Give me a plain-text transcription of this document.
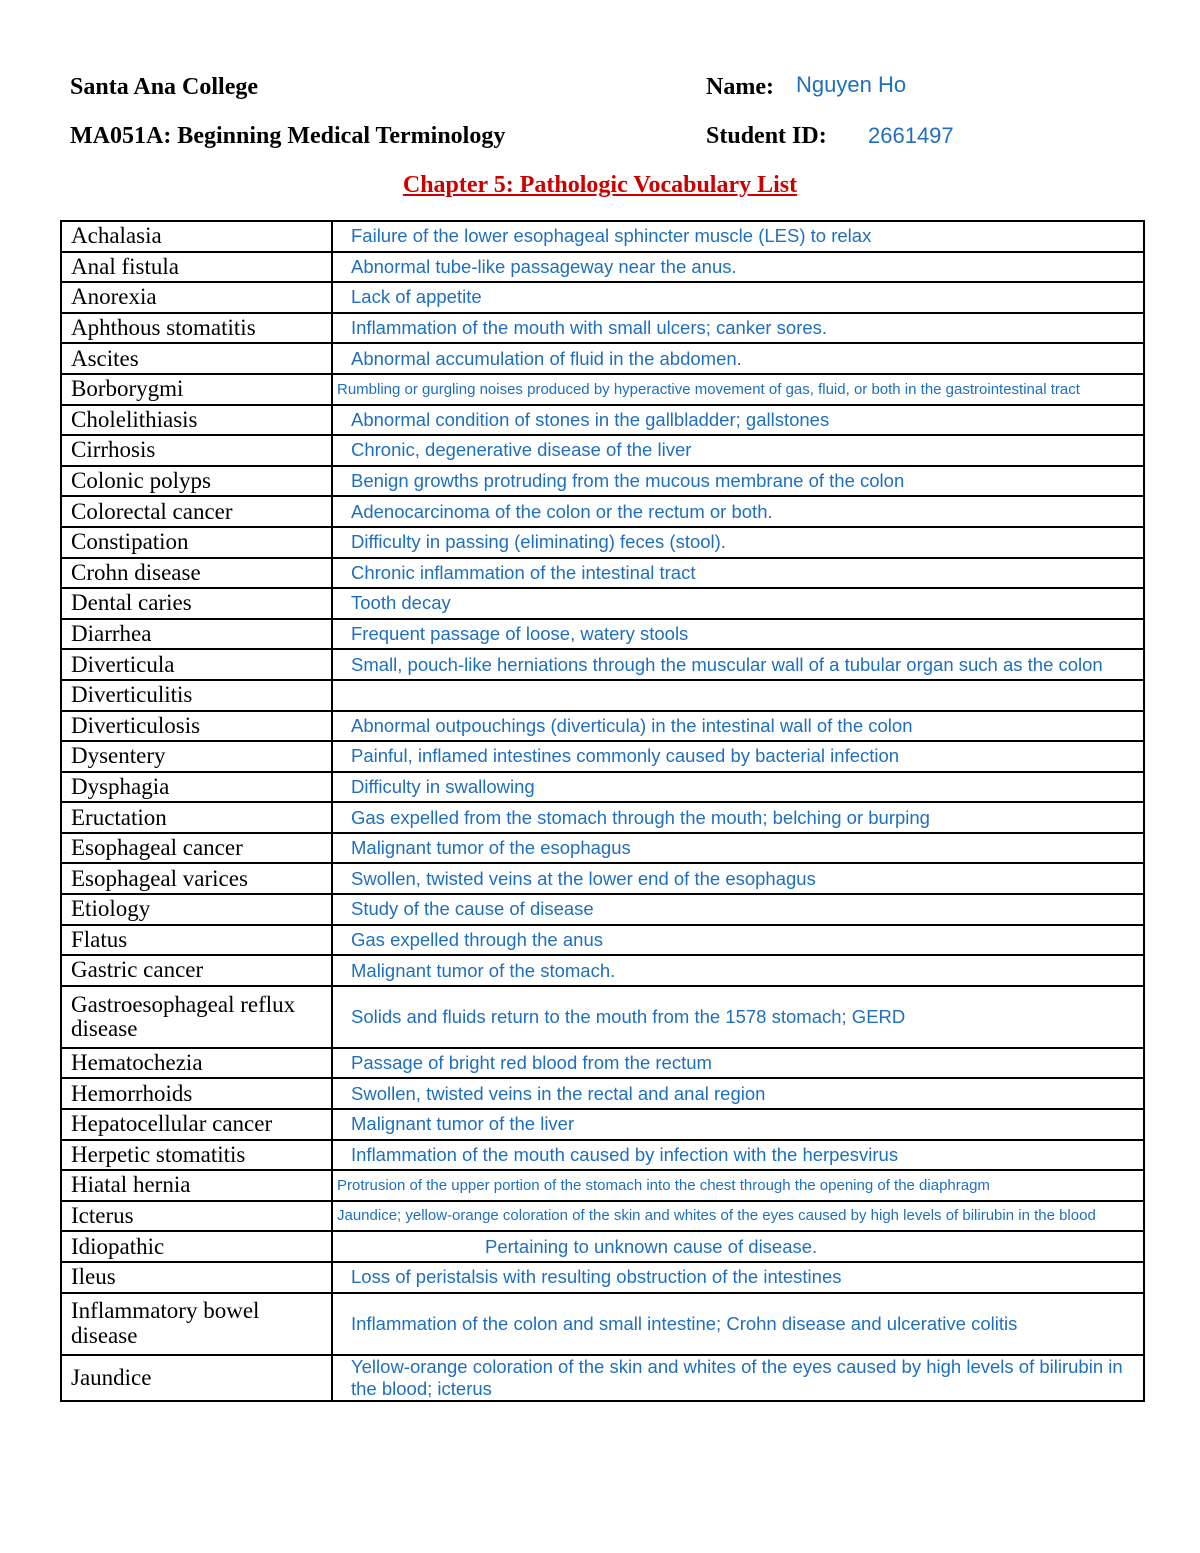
Santa Ana College	Name: Nguyen Ho
MA051A: Beginning Medical Terminology	Student ID: 2661497
Chapter 5: Pathologic Vocabulary List
Achalasia	Failure of the lower esophageal sphincter muscle (LES) to relax
Anal fistula	Abnormal tube-like passageway near the anus.
Anorexia	Lack of appetite
Aphthous stomatitis	Inflammation of the mouth with small ulcers; canker sores.
Ascites	Abnormal accumulation of fluid in the abdomen.
Borborygmi	Rumbling or gurgling noises produced by hyperactive movement of gas, fluid, or both in the gastrointestinal tract
Cholelithiasis	Abnormal condition of stones in the gallbladder; gallstones
Cirrhosis	Chronic, degenerative disease of the liver
Colonic polyps	Benign growths protruding from the mucous membrane of the colon
Colorectal cancer	Adenocarcinoma of the colon or the rectum or both.
Constipation	Difficulty in passing (eliminating) feces (stool).
Crohn disease	Chronic inflammation of the intestinal tract
Dental caries	Tooth decay
Diarrhea	Frequent passage of loose, watery stools
Diverticula	Small, pouch-like herniations through the muscular wall of a tubular organ such as the colon
Diverticulitis	
Diverticulosis	Abnormal outpouchings (diverticula) in the intestinal wall of the colon
Dysentery	Painful, inflamed intestines commonly caused by bacterial infection
Dysphagia	Difficulty in swallowing
Eructation	Gas expelled from the stomach through the mouth; belching or burping
Esophageal cancer	Malignant tumor of the esophagus
Esophageal varices	Swollen, twisted veins at the lower end of the esophagus
Etiology	Study of the cause of disease
Flatus	Gas expelled through the anus
Gastric cancer	Malignant tumor of the stomach.
Gastroesophageal reflux disease	Solids and fluids return to the mouth from the 1578 stomach; GERD
Hematochezia	Passage of bright red blood from the rectum
Hemorrhoids	Swollen, twisted veins in the rectal and anal region
Hepatocellular cancer	Malignant tumor of the liver
Herpetic stomatitis	Inflammation of the mouth caused by infection with the herpesvirus
Hiatal hernia	Protrusion of the upper portion of the stomach into the chest through the opening of the diaphragm
Icterus	Jaundice; yellow-orange coloration of the skin and whites of the eyes caused by high levels of bilirubin in the blood
Idiopathic	Pertaining to unknown cause of disease.
Ileus	Loss of peristalsis with resulting obstruction of the intestines
Inflammatory bowel disease	Inflammation of the colon and small intestine; Crohn disease and ulcerative colitis
Jaundice	Yellow-orange coloration of the skin and whites of the eyes caused by high levels of bilirubin in the blood; icterus
